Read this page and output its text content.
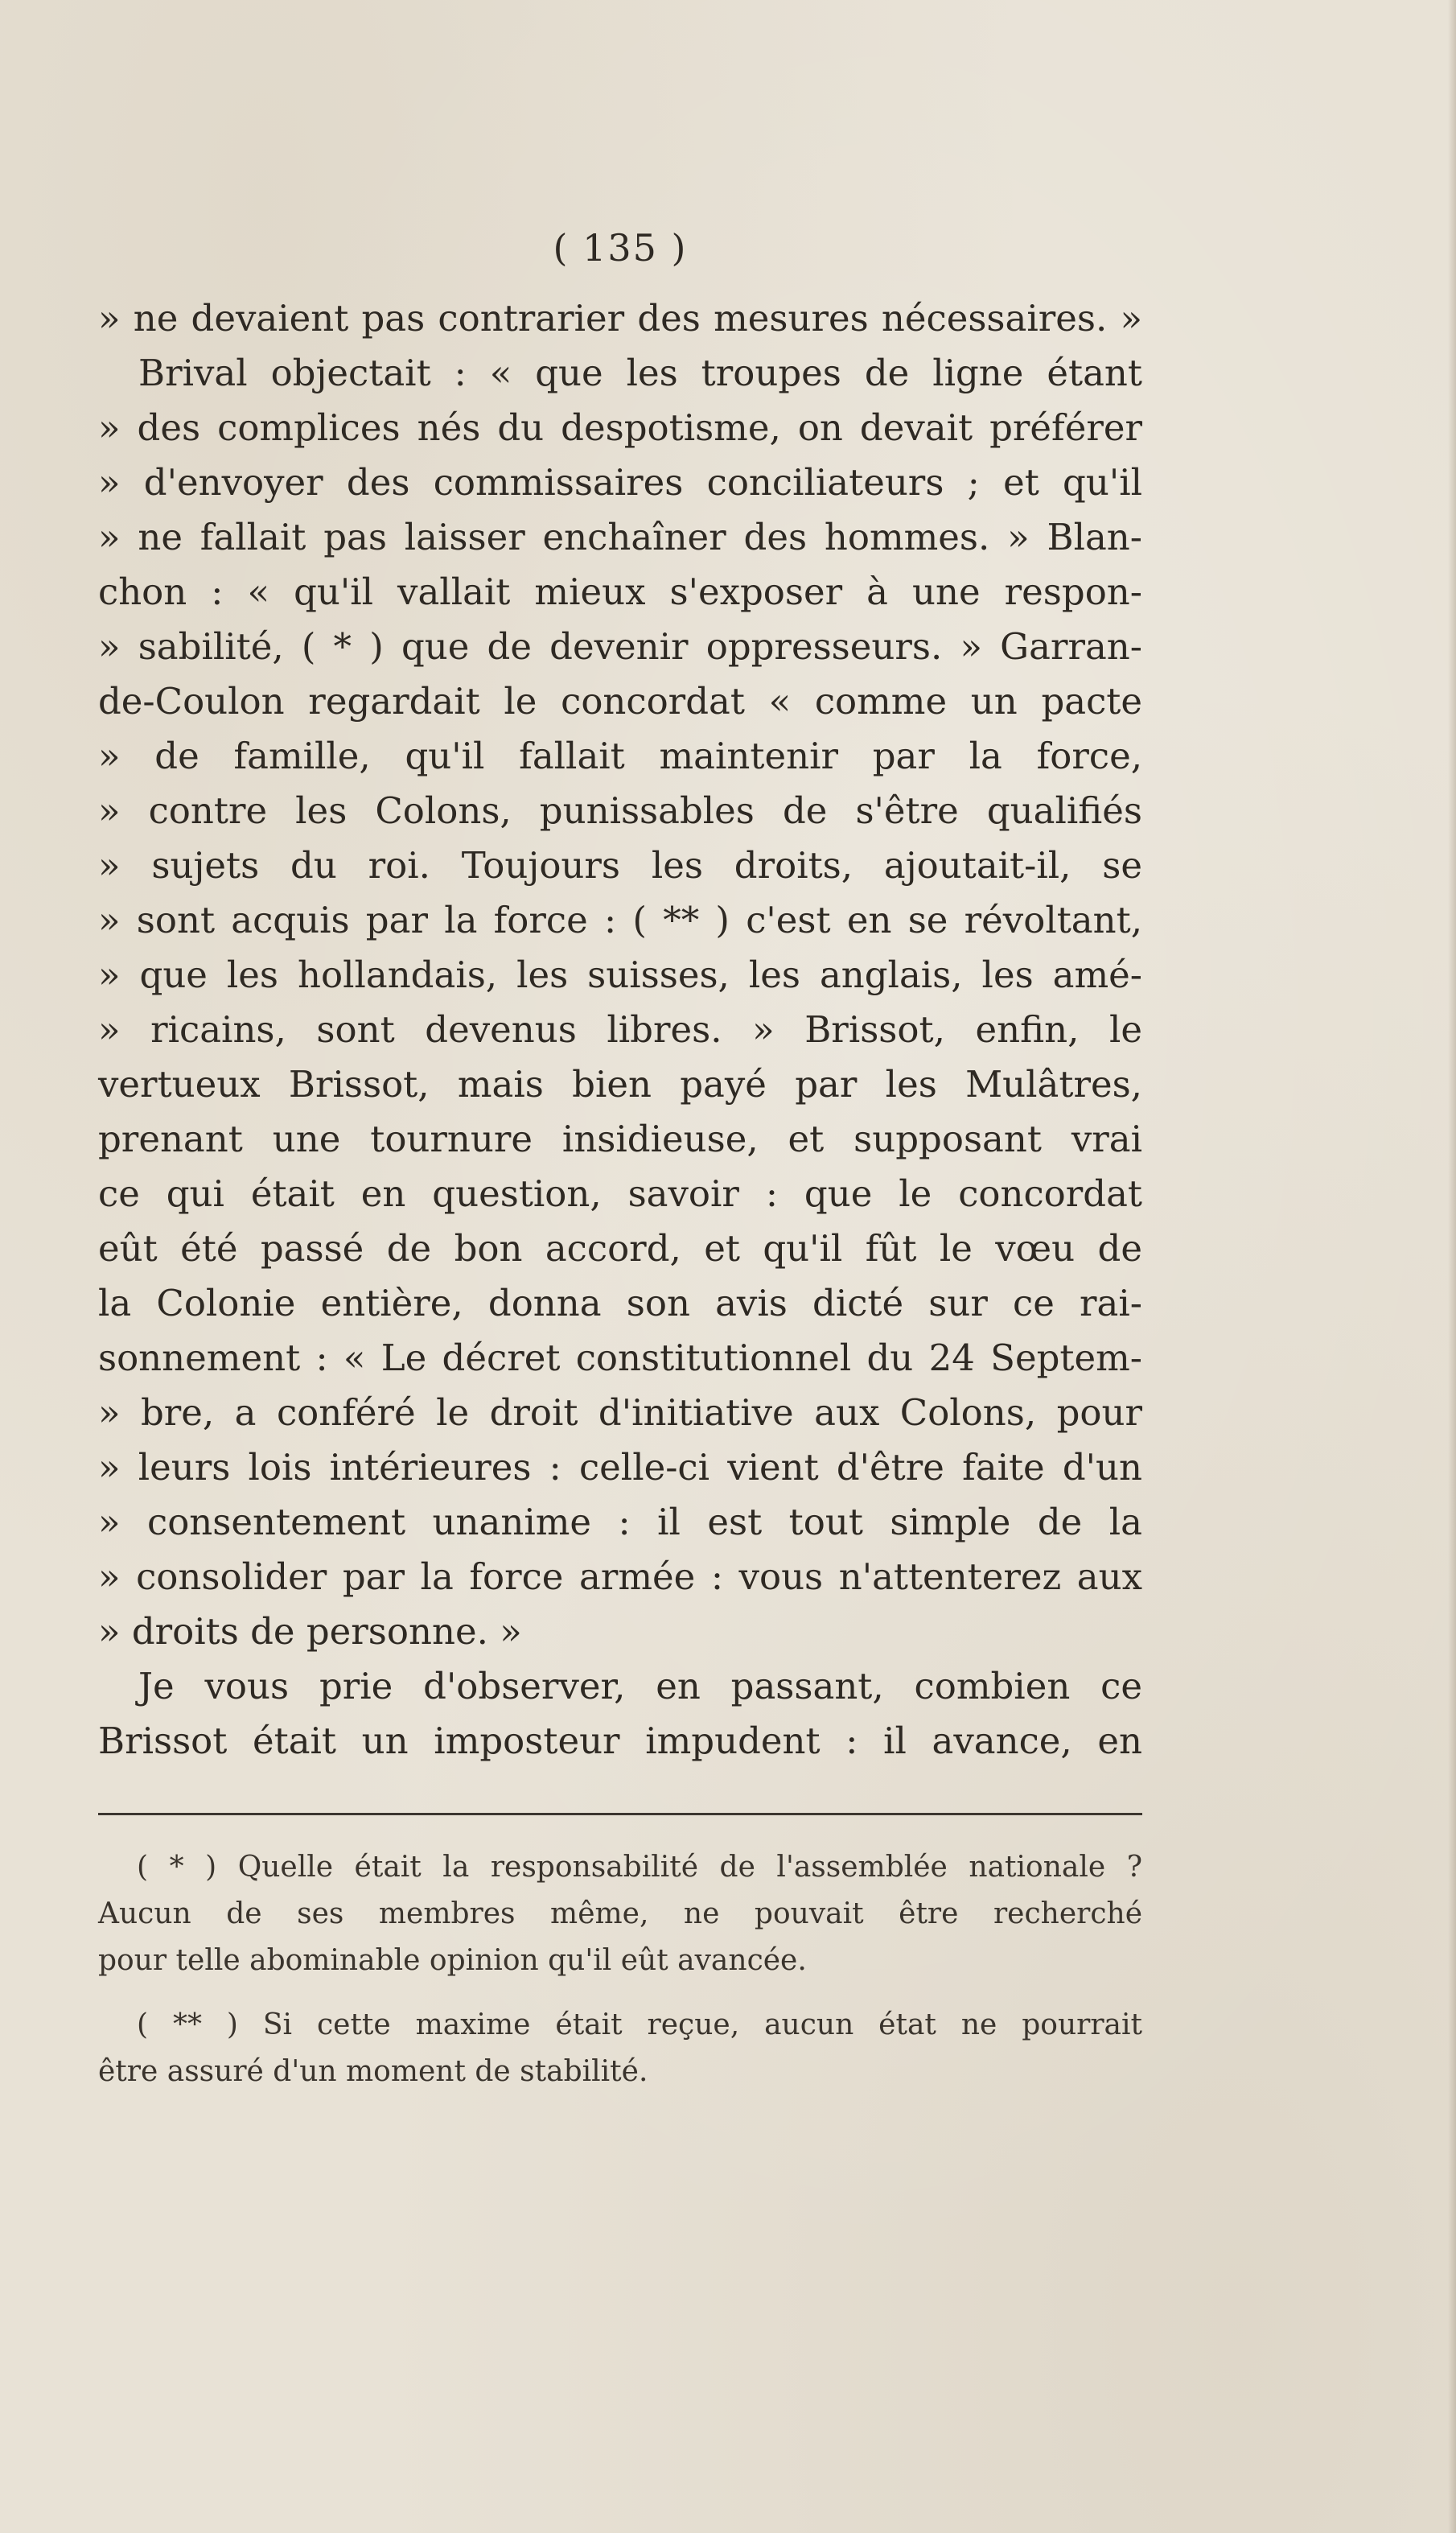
( 135 )
» ne devaient pas contrarier des mesures nécessaires. »
Brival objectait : « que les troupes de ligne étant
» des complices nés du despotisme, on devait préférer
» d'envoyer des commissaires conciliateurs ; et qu'il
» ne fallait pas laisser enchaîner des hommes. » Blan-
chon : « qu'il vallait mieux s'exposer à une respon-
» sabilité, ( * ) que de devenir oppresseurs. » Garran-
de-Coulon regardait le concordat « comme un pacte
» de famille, qu'il fallait maintenir par la force,
» contre les Colons, punissables de s'être qualifiés
» sujets du roi. Toujours les droits, ajoutait-il, se
» sont acquis par la force : ( ** ) c'est en se révoltant,
» que les hollandais, les suisses, les anglais, les amé-
» ricains, sont devenus libres. » Brissot, enfin, le
vertueux Brissot, mais bien payé par les Mulâtres,
prenant une tournure insidieuse, et supposant vrai
ce qui était en question, savoir : que le concordat
eût été passé de bon accord, et qu'il fût le vœu de
la Colonie entière, donna son avis dicté sur ce rai-
sonnement : « Le décret constitutionnel du 24 Septem-
» bre, a conféré le droit d'initiative aux Colons, pour
» leurs lois intérieures : celle-ci vient d'être faite d'un
» consentement unanime : il est tout simple de la
» consolider par la force armée : vous n'attenterez aux
» droits de personne. »
Je vous prie d'observer, en passant, combien ce
Brissot était un imposteur impudent : il avance, en
( * ) Quelle était la responsabilité de l'assemblée nationale ?
Aucun de ses membres même, ne pouvait être recherché
pour telle abominable opinion qu'il eût avancée.
( ** ) Si cette maxime était reçue, aucun état ne pourrait
être assuré d'un moment de stabilité.
